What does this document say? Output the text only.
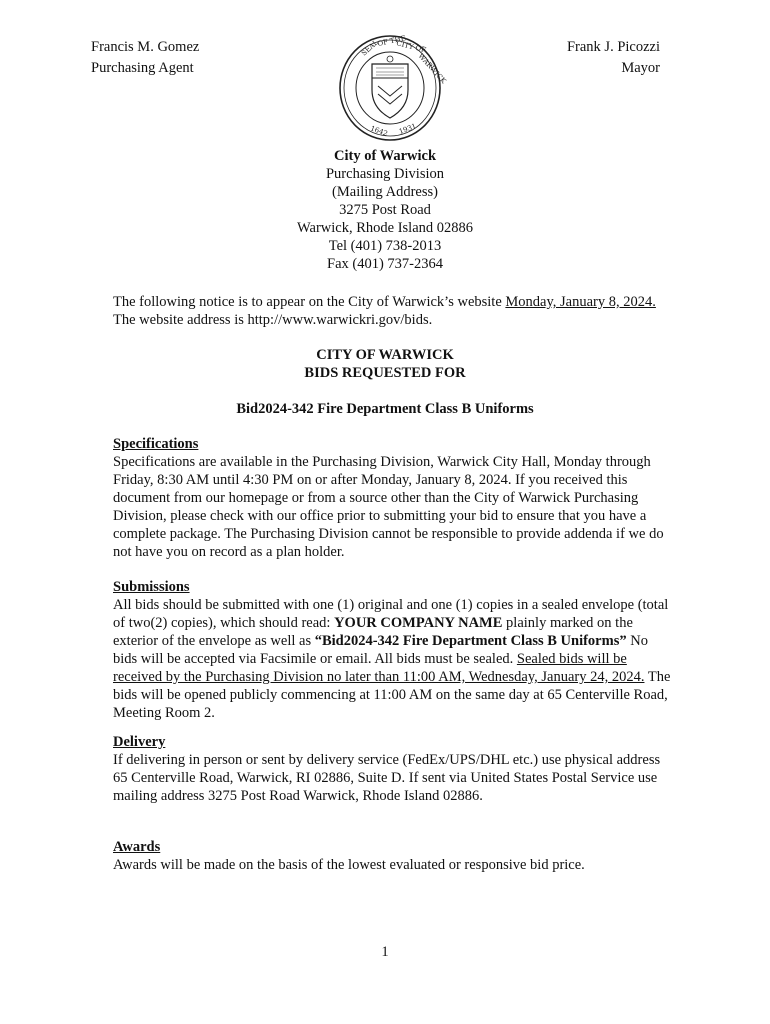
Francis M. Gomez
Purchasing Agent
Frank J. Picozzi
Mayor
SEAL
OF THE
CITY OF
WARWICK
1642 1931
City of Warwick
Purchasing Division
(Mailing Address)
3275 Post Road
Warwick, Rhode Island 02886
Tel (401) 738-2013
Fax (401) 737-2364
The following notice is to appear on the City of Warwick’s website Monday, January 8, 2024. The website address is http://www.warwickri.gov/bids.
CITY OF WARWICK
BIDS REQUESTED FOR
Bid2024-342 Fire Department Class B Uniforms
Specifications
Specifications are available in the Purchasing Division, Warwick City Hall, Monday through Friday, 8:30 AM until 4:30 PM on or after Monday, January 8, 2024. If you received this document from our homepage or from a source other than the City of Warwick Purchasing Division, please check with our office prior to submitting your bid to ensure that you have a complete package. The Purchasing Division cannot be responsible to provide addenda if we do not have you on record as a plan holder.
Submissions
All bids should be submitted with one (1) original and one (1) copies in a sealed envelope (total of two(2) copies), which should read: YOUR COMPANY NAME plainly marked on the exterior of the envelope as well as “Bid2024-342 Fire Department Class B Uniforms” No bids will be accepted via Facsimile or email. All bids must be sealed. Sealed bids will be received by the Purchasing Division no later than 11:00 AM, Wednesday, January 24, 2024. The bids will be opened publicly commencing at 11:00 AM on the same day at 65 Centerville Road, Meeting Room 2.
Delivery
If delivering in person or sent by delivery service (FedEx/UPS/DHL etc.) use physical address 65 Centerville Road, Warwick, RI 02886, Suite D. If sent via United States Postal Service use mailing address 3275 Post Road Warwick, Rhode Island 02886.
Awards
Awards will be made on the basis of the lowest evaluated or responsive bid price.
1
